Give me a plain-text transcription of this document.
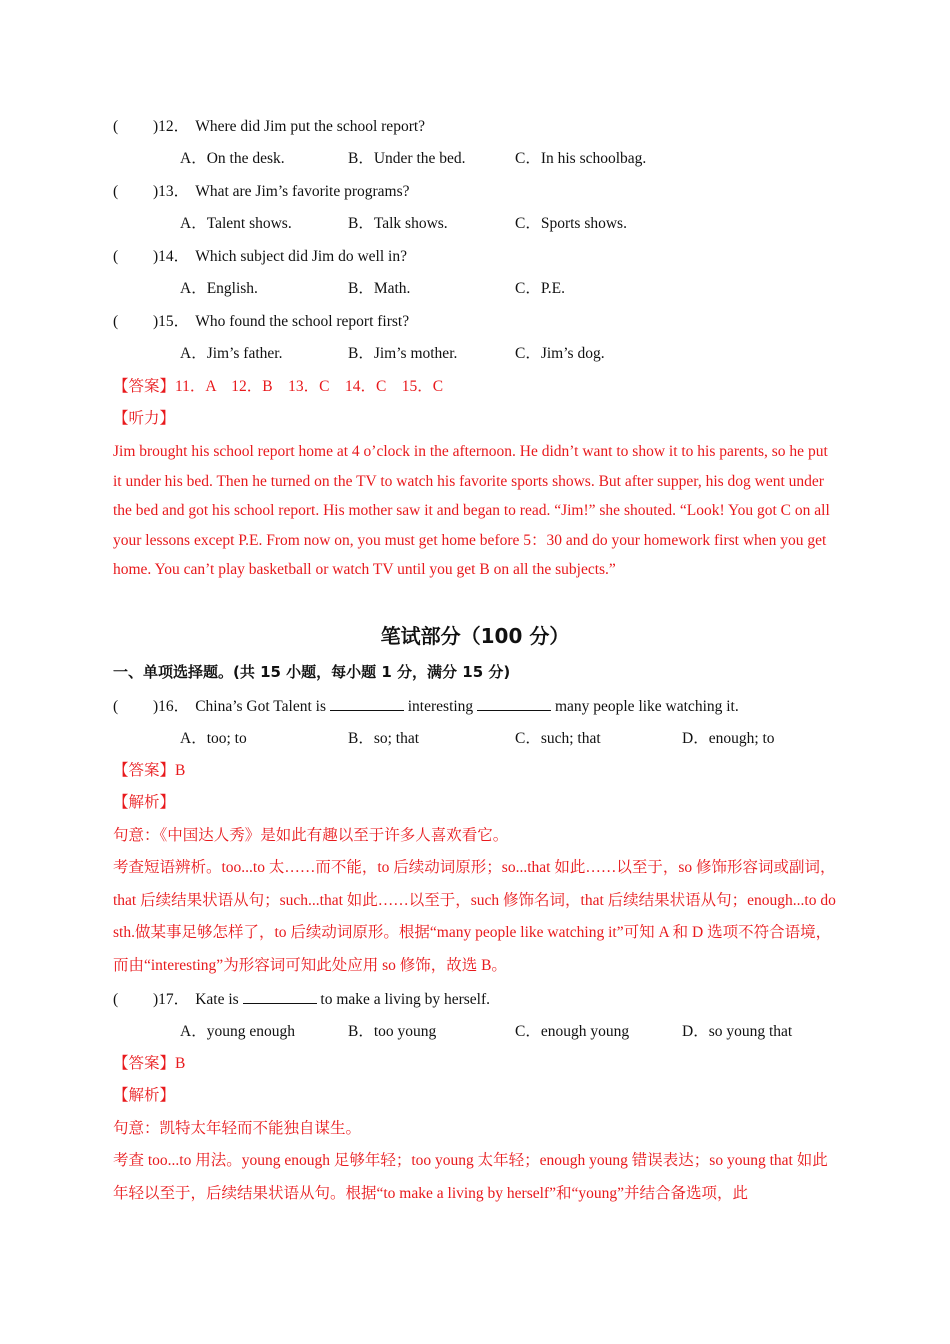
( )12． Where did Jim put the school report?
A．On the desk.	B．Under the bed.	C．In his schoolbag.
( )13． What are Jim’s favorite programs?
A．Talent shows.	B．Talk shows.	C．Sports shows.
( )14． Which subject did Jim do well in?
A．English.	B．Math.	C．P.E.
( )15． Who found the school report first?
A．Jim’s father.	B．Jim’s mother.	C．Jim’s dog.
【答案】11．A　12．B　13．C　14．C　15．C
【听力】
Jim brought his school report home at 4 o’clock in the afternoon. He didn’t want to show it to his parents, so he put it under his bed. Then he turned on the TV to watch his favorite sports shows. But after supper, his dog went under the bed and got his school report. His mother saw it and began to read. “Jim!” she shouted. “Look! You got C on all your lessons except P.E. From now on, you must get home before 5：30 and do your homework first when you get home. You can’t play basketball or watch TV until you get B on all the subjects.”
笔试部分（100 分）
一、单项选择题。(共 15 小题，每小题 1 分，满分 15 分)
( )16． China’s Got Talent is	interesting	many people like watching it.
A．too; to	B．so; that	C．such; that	D．enough; to
【答案】B
【解析】
句意：《中国达人秀》是如此有趣以至于许多人喜欢看它。
考查短语辨析。too...to 太……而不能，to 后续动词原形；so...that 如此……以至于，so 修饰形容词或副词，that 后续结果状语从句；such...that 如此……以至于，such 修饰名词，that 后续结果状语从句；enough...to do sth.做某事足够怎样了，to 后续动词原形。根据“many people like watching it”可知 A 和 D 选项不符合语境，而由“interesting”为形容词可知此处应用 so 修饰，故选 B。
( )17． Kate is	to make a living by herself.
A．young enough	B．too young	C．enough young	D．so young that
【答案】B
【解析】
句意：凯特太年轻而不能独自谋生。
考查 too...to 用法。young enough 足够年轻；too young 太年轻；enough young 错误表达；so young that 如此年轻以至于，后续结果状语从句。根据“to make a living by herself”和“young”并结合备选项，此
